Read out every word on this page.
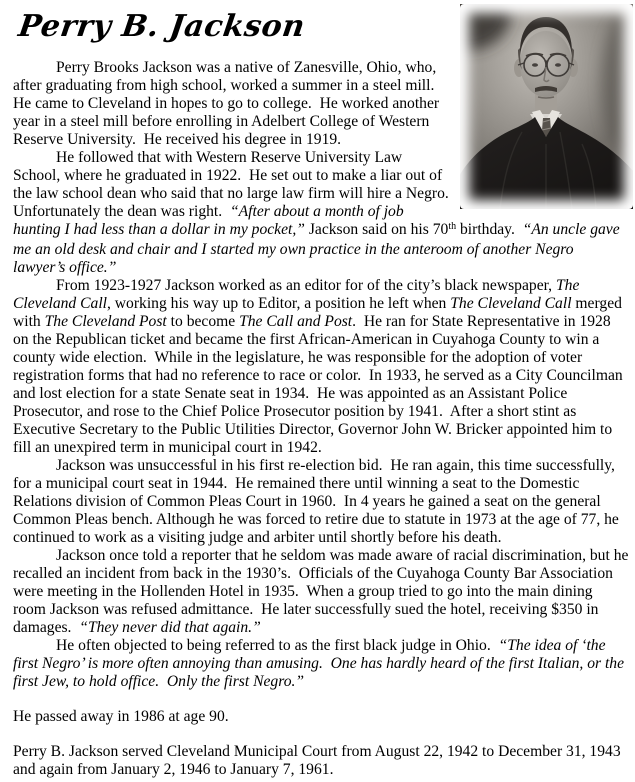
Perry B. Jackson

Perry Brooks Jackson was a native of Zanesville, Ohio, who, after graduating from high school, worked a summer in a steel mill.  He came to Cleveland in hopes to go to college.  He worked another year in a steel mill before enrolling in Adelbert College of Western Reserve University.  He received his degree in 1919.

He followed that with Western Reserve University Law School, where he graduated in 1922.  He set out to make a liar out of the law school dean who said that no large law firm will hire a Negro.  Unfortunately the dean was right.  “After about a month of job hunting I had less than a dollar in my pocket,” Jackson said on his 70th birthday.  “An uncle gave me an old desk and chair and I started my own practice in the anteroom of another Negro lawyer’s office.”

From 1923-1927 Jackson worked as an editor for of the city’s black newspaper, The Cleveland Call, working his way up to Editor, a position he left when The Cleveland Call merged with The Cleveland Post to become The Call and Post.  He ran for State Representative in 1928 on the Republican ticket and became the first African-American in Cuyahoga County to win a county wide election.  While in the legislature, he was responsible for the adoption of voter registration forms that had no reference to race or color.  In 1933, he served as a City Councilman and lost election for a state Senate seat in 1934.  He was appointed as an Assistant Police Prosecutor, and rose to the Chief Police Prosecutor position by 1941.  After a short stint as Executive Secretary to the Public Utilities Director, Governor John W. Bricker appointed him to fill an unexpired term in municipal court in 1942.

Jackson was unsuccessful in his first re-election bid.  He ran again, this time successfully, for a municipal court seat in 1944.  He remained there until winning a seat to the Domestic Relations division of Common Pleas Court in 1960.  In 4 years he gained a seat on the general Common Pleas bench. Although he was forced to retire due to statute in 1973 at the age of 77, he continued to work as a visiting judge and arbiter until shortly before his death.

Jackson once told a reporter that he seldom was made aware of racial discrimination, but he recalled an incident from back in the 1930’s.  Officials of the Cuyahoga County Bar Association were meeting in the Hollenden Hotel in 1935.  When a group tried to go into the main dining room Jackson was refused admittance.  He later successfully sued the hotel, receiving $350 in damages.  “They never did that again.”

He often objected to being referred to as the first black judge in Ohio.  “The idea of ‘the first Negro’ is more often annoying than amusing.  One has hardly heard of the first Italian, or the first Jew, to hold office.  Only the first Negro.”

He passed away in 1986 at age 90.

Perry B. Jackson served Cleveland Municipal Court from August 22, 1942 to December 31, 1943 and again from January 2, 1946 to January 7, 1961.
